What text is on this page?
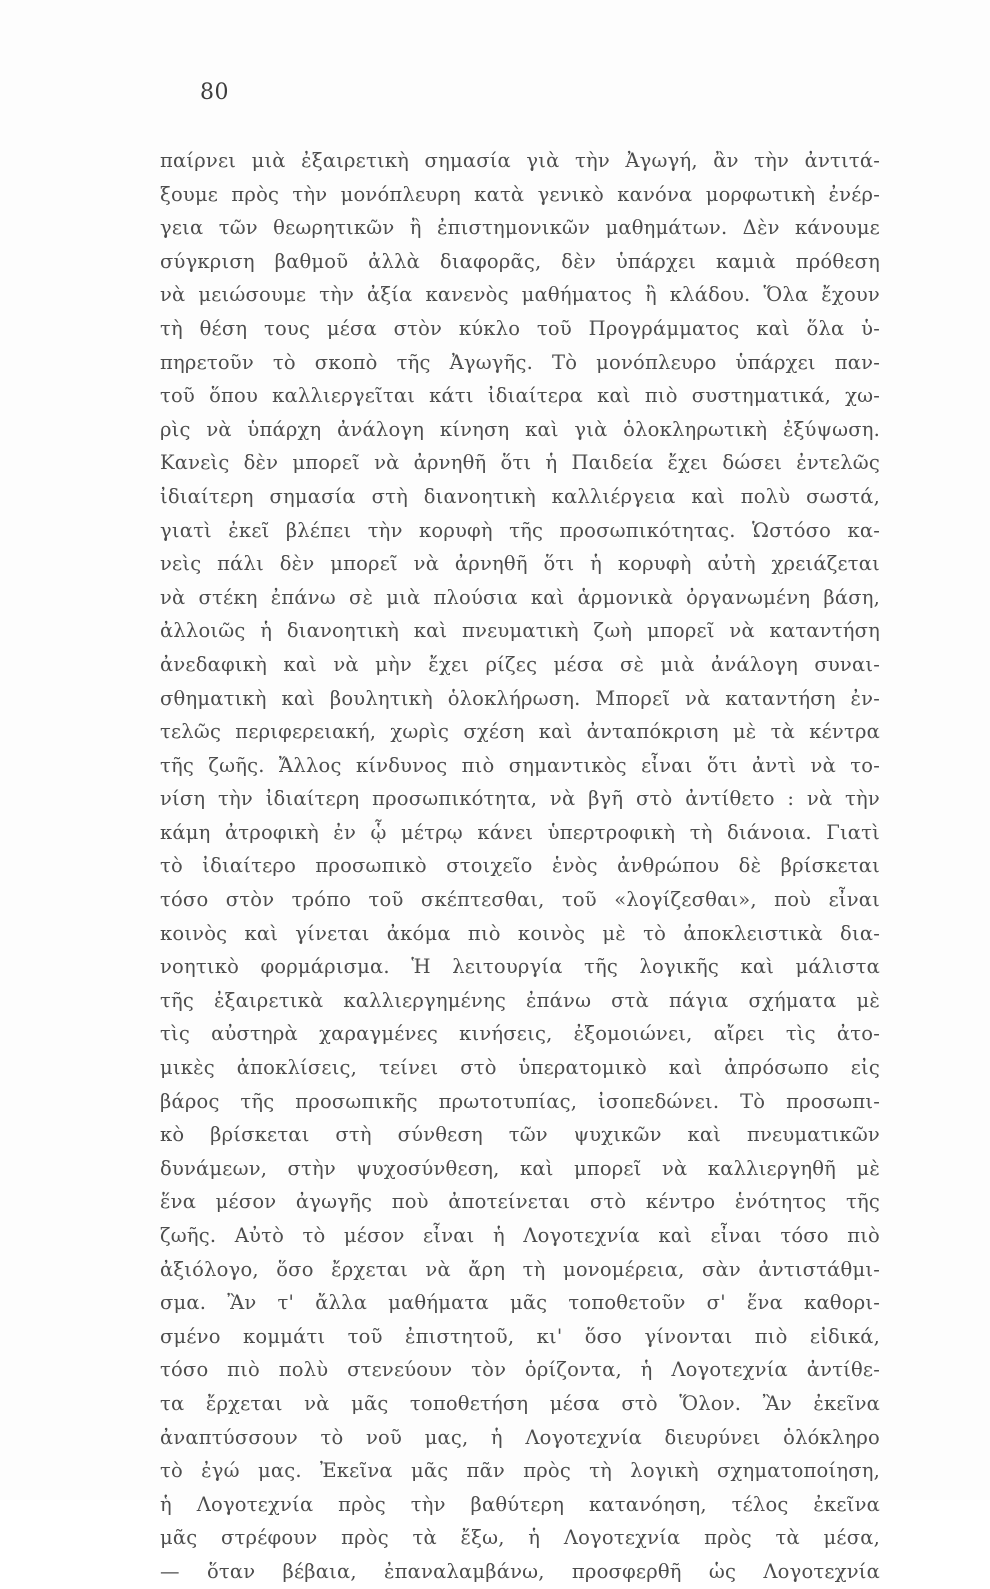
80
παίρνει μιὰ ἐξαιρετικὴ σημασία γιὰ τὴν Ἀγωγή, ἂν τὴν ἀντιτά-
ξουμε πρὸς τὴν μονόπλευρη κατὰ γενικὸ κανόνα μορφωτικὴ ἐνέρ-
γεια τῶν θεωρητικῶν ἢ ἐπιστημονικῶν μαθημάτων. Δὲν κάνουμε
σύγκριση βαθμοῦ ἀλλὰ διαφορᾶς, δὲν ὑπάρχει καμιὰ πρόθεση
νὰ μειώσουμε τὴν ἀξία κανενὸς μαθήματος ἢ κλάδου. Ὅλα ἔχουν
τὴ θέση τους μέσα στὸν κύκλο τοῦ Προγράμματος καὶ ὅλα ὑ-
πηρετοῦν τὸ σκοπὸ τῆς Ἀγωγῆς. Τὸ μονόπλευρο ὑπάρχει παν-
τοῦ ὅπου καλλιεργεῖται κάτι ἰδιαίτερα καὶ πιὸ συστηματικά, χω-
ρὶς νὰ ὑπάρχη ἀνάλογη κίνηση καὶ γιὰ ὁλοκληρωτικὴ ἐξύψωση.
Κανεὶς δὲν μπορεῖ νὰ ἀρνηθῆ ὅτι ἡ Παιδεία ἔχει δώσει ἐντελῶς
ἰδιαίτερη σημασία στὴ διανοητικὴ καλλιέργεια καὶ πολὺ σωστά,
γιατὶ ἐκεῖ βλέπει τὴν κορυφὴ τῆς προσωπικότητας. Ὡστόσο κα-
νεὶς πάλι δὲν μπορεῖ νὰ ἀρνηθῆ ὅτι ἡ κορυφὴ αὐτὴ χρειάζεται
νὰ στέκη ἐπάνω σὲ μιὰ πλούσια καὶ ἁρμονικὰ ὀργανωμένη βάση,
ἀλλοιῶς ἡ διανοητικὴ καὶ πνευματικὴ ζωὴ μπορεῖ νὰ καταντήση
ἀνεδαφικὴ καὶ νὰ μὴν ἔχει ρίζες μέσα σὲ μιὰ ἀνάλογη συναι-
σθηματικὴ καὶ βουλητικὴ ὁλοκλήρωση. Μπορεῖ νὰ καταντήση ἐν-
τελῶς περιφερειακή, χωρὶς σχέση καὶ ἀνταπόκριση μὲ τὰ κέντρα
τῆς ζωῆς. Ἄλλος κίνδυνος πιὸ σημαντικὸς εἶναι ὅτι ἀντὶ νὰ το-
νίση τὴν ἰδιαίτερη προσωπικότητα, νὰ βγῆ στὸ ἀντίθετο : νὰ τὴν
κάμη ἀτροφικὴ ἐν ᾧ μέτρῳ κάνει ὑπερτροφικὴ τὴ διάνοια. Γιατὶ
τὸ ἰδιαίτερο προσωπικὸ στοιχεῖο ἑνὸς ἀνθρώπου δὲ βρίσκεται
τόσο στὸν τρόπο τοῦ σκέπτεσθαι, τοῦ «λογίζεσθαι», ποὺ εἶναι
κοινὸς καὶ γίνεται ἀκόμα πιὸ κοινὸς μὲ τὸ ἀποκλειστικὰ δια-
νοητικὸ φορμάρισμα. Ἡ λειτουργία τῆς λογικῆς καὶ μάλιστα
τῆς ἐξαιρετικὰ καλλιεργημένης ἐπάνω στὰ πάγια σχήματα μὲ
τὶς αὐστηρὰ χαραγμένες κινήσεις, ἐξομοιώνει, αἴρει τὶς ἀτο-
μικὲς ἀποκλίσεις, τείνει στὸ ὑπερατομικὸ καὶ ἀπρόσωπο εἰς
βάρος τῆς προσωπικῆς πρωτοτυπίας, ἰσοπεδώνει. Τὸ προσωπι-
κὸ βρίσκεται στὴ σύνθεση τῶν ψυχικῶν καὶ πνευματικῶν
δυνάμεων, στὴν ψυχοσύνθεση, καὶ μπορεῖ νὰ καλλιεργηθῆ μὲ
ἕνα μέσον ἀγωγῆς ποὺ ἀποτείνεται στὸ κέντρο ἑνότητος τῆς
ζωῆς. Αὐτὸ τὸ μέσον εἶναι ἡ Λογοτεχνία καὶ εἶναι τόσο πιὸ
ἀξιόλογο, ὅσο ἔρχεται νὰ ἄρη τὴ μονομέρεια, σὰν ἀντιστάθμι-
σμα. Ἂν τ' ἄλλα μαθήματα μᾶς τοποθετοῦν σ' ἕνα καθορι-
σμένο κομμάτι τοῦ ἐπιστητοῦ, κι' ὅσο γίνονται πιὸ εἰδικά,
τόσο πιὸ πολὺ στενεύουν τὸν ὁρίζοντα, ἡ Λογοτεχνία ἀντίθε-
τα ἔρχεται νὰ μᾶς τοποθετήση μέσα στὸ Ὅλον. Ἂν ἐκεῖνα
ἀναπτύσσουν τὸ νοῦ μας, ἡ Λογοτεχνία διευρύνει ὁλόκληρο
τὸ ἐγώ μας. Ἐκεῖνα μᾶς πᾶν πρὸς τὴ λογικὴ σχηματοποίηση,
ἡ Λογοτεχνία πρὸς τὴν βαθύτερη κατανόηση, τέλος ἐκεῖνα
μᾶς στρέφουν πρὸς τὰ ἔξω, ἡ Λογοτεχνία πρὸς τὰ μέσα,
— ὅταν βέβαια, ἐπαναλαμβάνω, προσφερθῆ ὡς Λογοτεχνία
